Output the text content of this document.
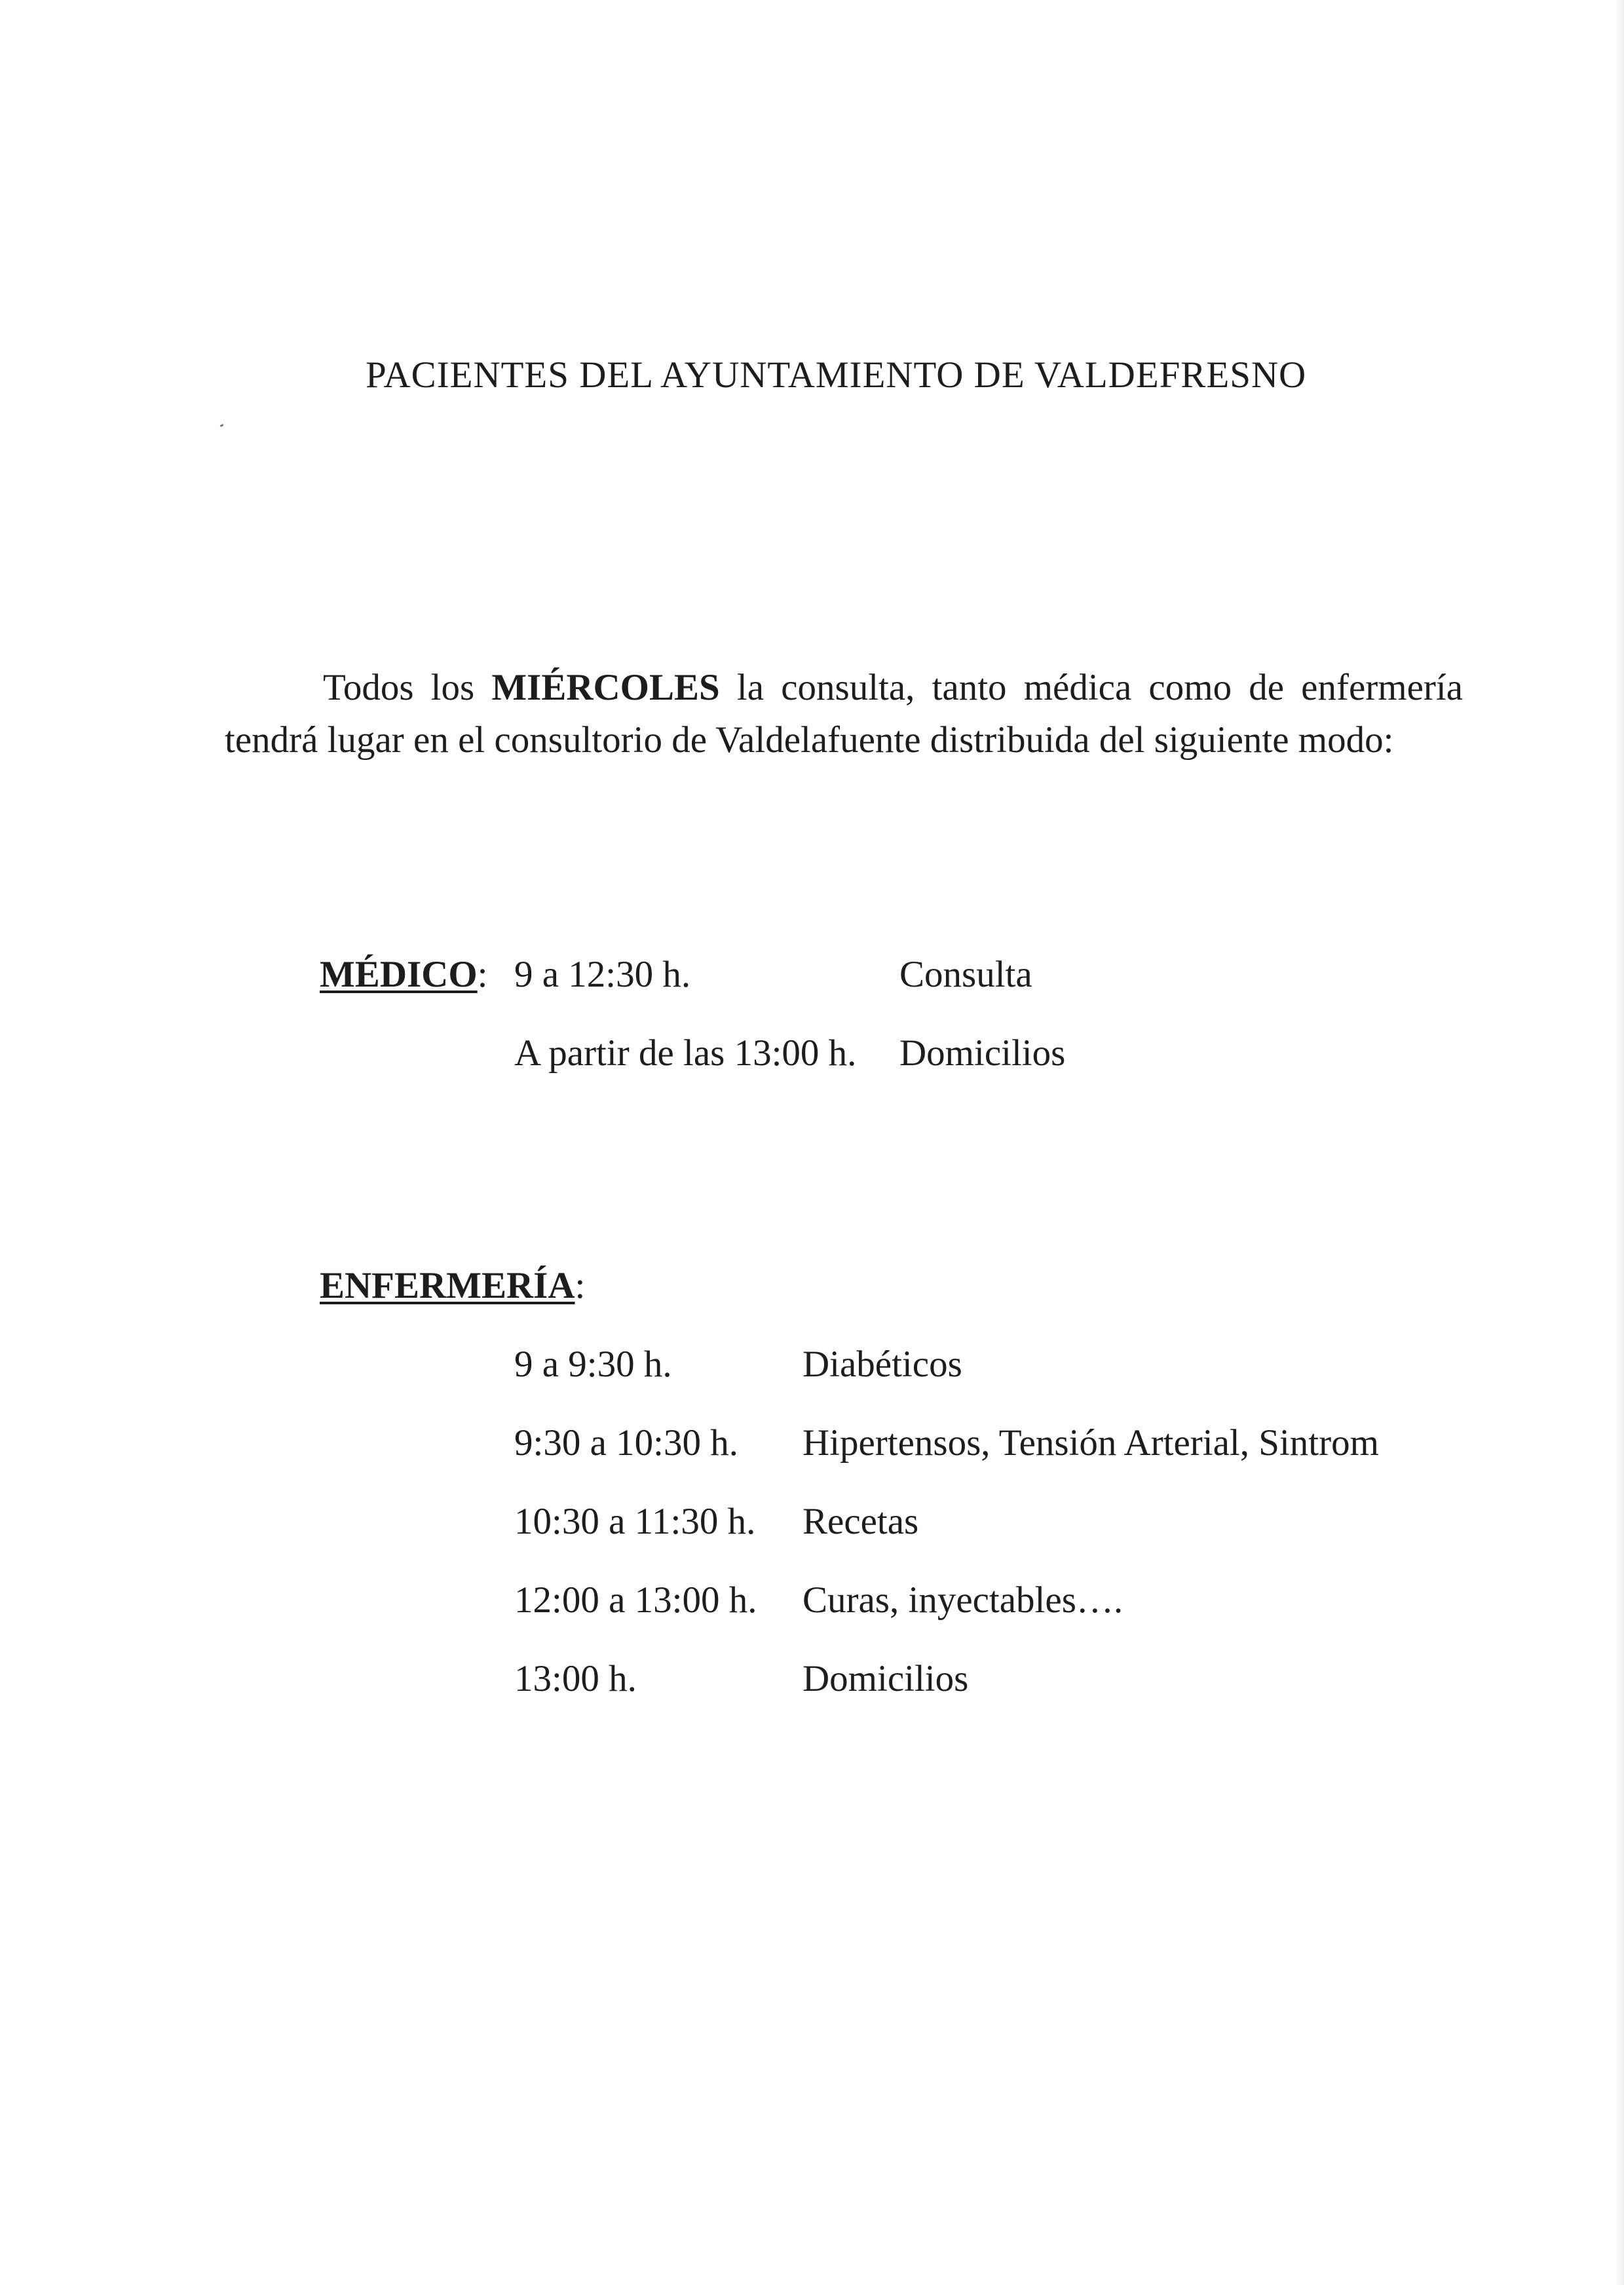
PACIENTES DEL AYUNTAMIENTO DE VALDEFRESNO
Todos los MIÉRCOLES la consulta, tanto médica como de enfermería
tendrá lugar en el consultorio de Valdelafuente distribuida del siguiente modo:
MÉDICO: 9 a 12:30 h.	Consulta
A partir de las 13:00 h. Domicilios
ENFERMERÍA:
9 a 9:30 h.	Diabéticos
9:30 a 10:30 h. Hipertensos, Tensión Arterial, Sintrom
10:30 a 11:30 h. Recetas
12:00 a 13:00 h. Curas, inyectables….
13:00 h.	Domicilios
